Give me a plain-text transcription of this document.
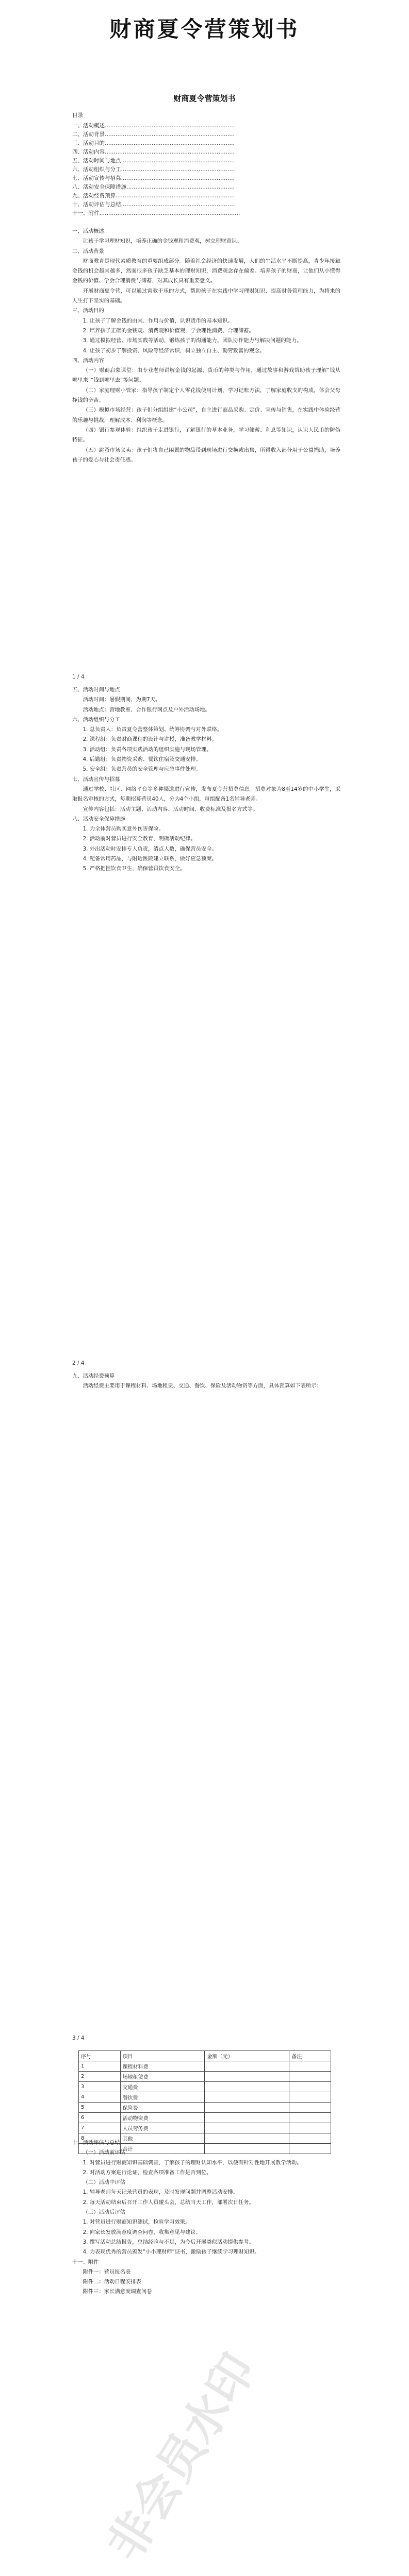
财商夏令营策划书
非会员水印
财商夏令营策划书
目录
一、活动概述………………………………………………………………
二、活动背景………………………………………………………………
三、活动目的………………………………………………………………
四、活动内容………………………………………………………………
五、活动时间与地点………………………………………………………
六、活动组织与分工………………………………………………………
七、活动宣传与招募………………………………………………………
八、活动安全保障措施……………………………………………………
九、活动经费预算…………………………………………………………
十、活动评估与总结………………………………………………………
十一、附件……………………………………………………………………

一、活动概述

让孩子学习理财知识，培养正确的金钱观和消费观，树立理财意识。

二、活动背景

财商教育是现代素质教育的重要组成部分。随着社会经济的快速发展，人们的生活水平不断提高，青少年接触金钱的机会越来越多，然而很多孩子缺乏基本的理财知识，消费观念存在偏差。培养孩子的财商，让他们从小懂得金钱的价值、学会合理消费与储蓄，对其成长具有重要意义。

开展财商夏令营，可以通过寓教于乐的方式，帮助孩子在实践中学习理财知识，提高财务管理能力，为将来的人生打下坚实的基础。

三、活动目的

1. 让孩子了解金钱的由来、作用与价值，认识货币的基本知识。

2. 培养孩子正确的金钱观、消费观和价值观，学会理性消费、合理储蓄。

3. 通过模拟经营、市场实践等活动，锻炼孩子的沟通能力、团队协作能力与解决问题的能力。

4. 让孩子初步了解投资、风险等经济常识，树立独立自主、勤劳致富的观念。

四、活动内容

（一）财商启蒙课堂：由专业老师讲解金钱的起源、货币的种类与作用，通过故事和游戏帮助孩子理解“钱从哪里来”“钱到哪里去”等问题。

（二）家庭理财小管家：指导孩子制定个人零花钱使用计划，学习记账方法，了解家庭收支的构成，体会父母挣钱的辛苦。

（三）模拟市场经营：孩子们分组组建“小公司”，自主进行商品采购、定价、宣传与销售，在实践中体验经营的乐趣与挑战，理解成本、利润等概念。

（四）银行参观体验：组织孩子走进银行，了解银行的基本业务，学习储蓄、利息等知识，认识人民币的防伪特征。

（五）跳蚤市场义卖：孩子们将自己闲置的物品带到现场进行交换或出售，所得收入部分用于公益捐助，培养孩子的爱心与社会责任感。

1 / 4

五、活动时间与地点

活动时间：暑假期间，为期7天。

活动地点：营地教室、合作银行网点及户外活动场地。

六、活动组织与分工

1. 总负责人：负责夏令营整体策划、统筹协调与对外联络。

2. 课程组：负责财商课程的设计与讲授，准备教学材料。

3. 活动组：负责各项实践活动的组织实施与现场管理。

4. 后勤组：负责物资采购、餐饮住宿及交通安排。

5. 安全组：负责营员的安全管理与应急事件处理。

七、活动宣传与招募

通过学校、社区、网络平台等多种渠道进行宣传，发布夏令营招募信息。招募对象为8至14岁的中小学生，采取报名审核的方式，每期招募营员40人，分为4个小组，每组配备1名辅导老师。

宣传内容包括：活动主题、活动内容、活动时间、收费标准及报名方式等。

八、活动安全保障措施

1. 为全体营员购买意外伤害保险。

2. 活动前对营员进行安全教育，明确活动纪律。

3. 外出活动时安排专人负责，清点人数，确保营员安全。

4. 配备常用药品，与附近医院建立联系，做好应急预案。

5. 严格把控饮食卫生，确保营员饮食安全。

2 / 4

九、活动经费预算

活动经费主要用于课程材料、场地租赁、交通、餐饮、保险及活动物资等方面，具体预算如下表所示：

序号	项目	金额（元）	备注
1	课程材料费		
2	场地租赁费		
3	交通费		
4	餐饮费		
5	保险费		
6	活动物资费		
7	人员劳务费		
8	其他		
	合计		

十、活动评估与总结

（一）活动前评估

1. 对营员进行财商知识基础调查，了解孩子的理财认知水平，以便有针对性地开展教学活动。

2. 对活动方案进行论证，检查各项准备工作是否到位。

（二）活动中评估

1. 辅导老师每天记录营员的表现，及时发现问题并调整活动安排。

2. 每天活动结束后召开工作人员碰头会，总结当天工作，部署次日任务。

（三）活动后评估

1. 对营员进行财商知识测试，检验学习效果。

2. 向家长发放满意度调查问卷，收集意见与建议。

3. 撰写活动总结报告，总结经验与不足，为今后开展类似活动提供参考。

4. 为表现优秀的营员颁发“小小理财师”证书，激励孩子继续学习理财知识。

十一、附件

附件一：营员报名表

附件二：活动日程安排表

附件三：家长满意度调查问卷

3 / 4
